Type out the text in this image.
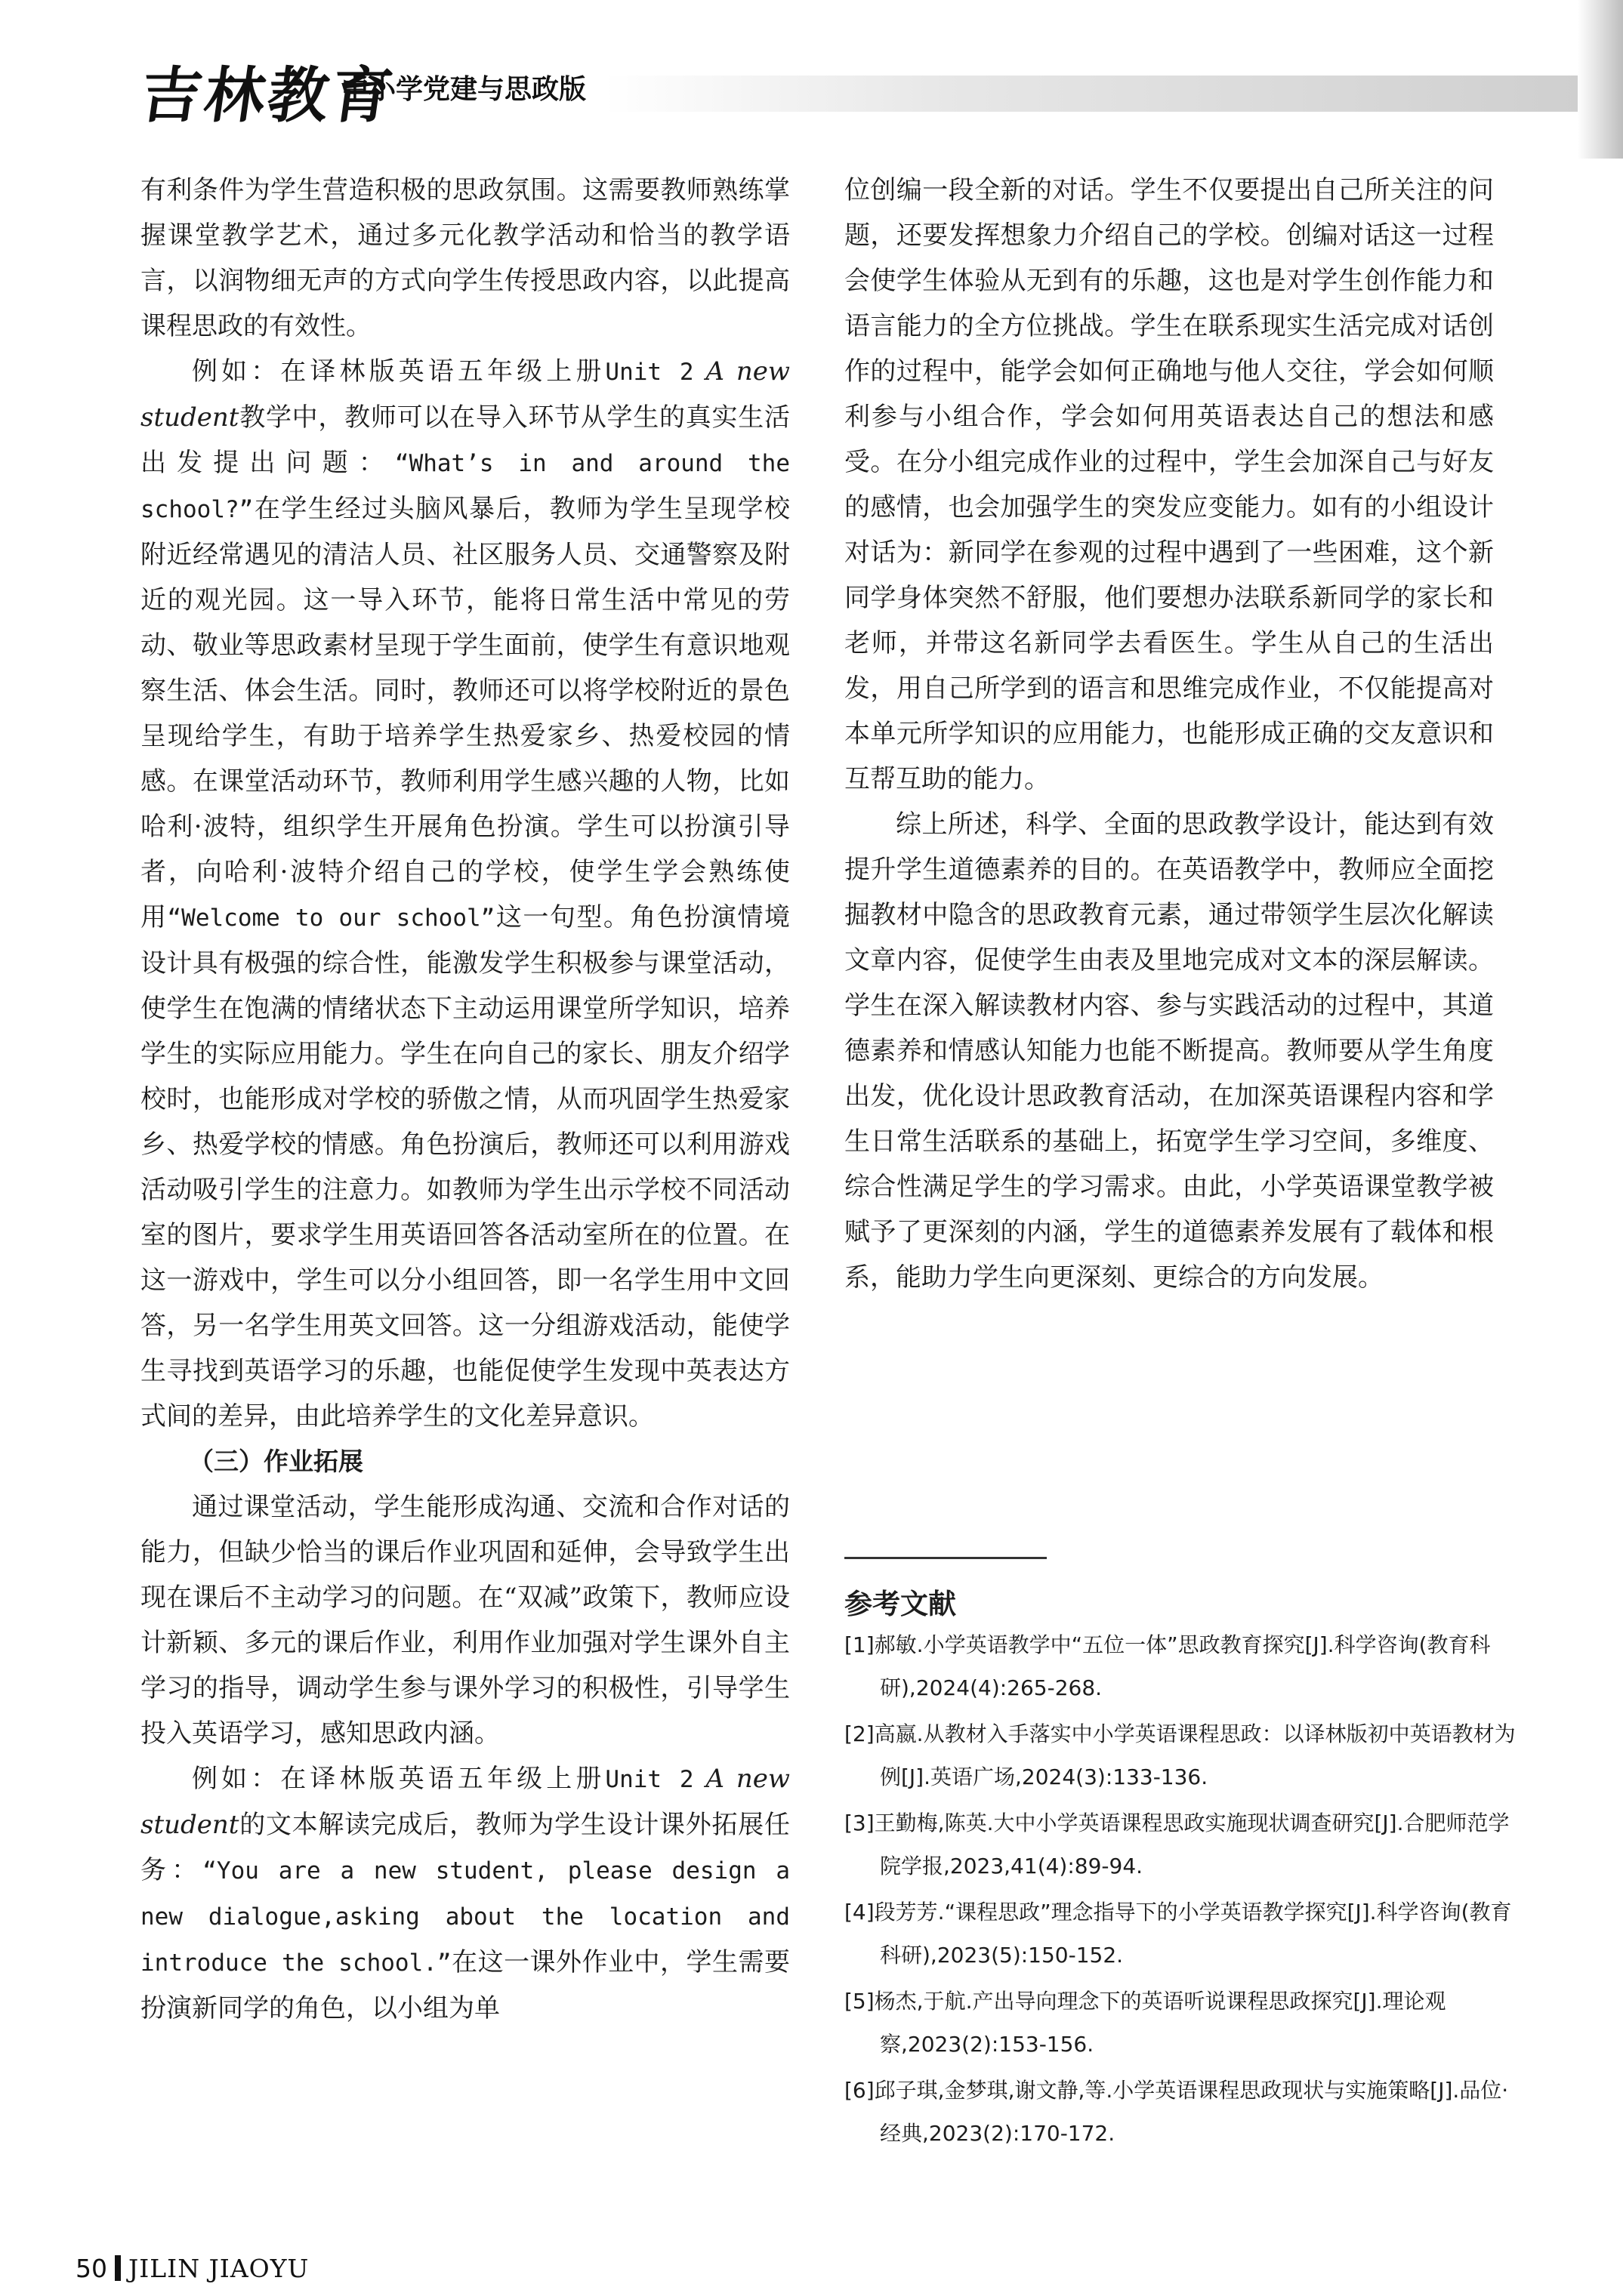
吉林教育
中小学党建与思政版

有利条件为学生营造积极的思政氛围。这需要教师熟练掌握课堂教学艺术，通过多元化教学活动和恰当的教学语言，以润物细无声的方式向学生传授思政内容，以此提高课程思政的有效性。

例如：在译林版英语五年级上册Unit 2 A new student教学中，教师可以在导入环节从学生的真实生活出发提出问题：“What’s in and around the school?”在学生经过头脑风暴后，教师为学生呈现学校附近经常遇见的清洁人员、社区服务人员、交通警察及附近的观光园。这一导入环节，能将日常生活中常见的劳动、敬业等思政素材呈现于学生面前，使学生有意识地观察生活、体会生活。同时，教师还可以将学校附近的景色呈现给学生，有助于培养学生热爱家乡、热爱校园的情感。在课堂活动环节，教师利用学生感兴趣的人物，比如哈利·波特，组织学生开展角色扮演。学生可以扮演引导者，向哈利·波特介绍自己的学校，使学生学会熟练使用“Welcome to our school”这一句型。角色扮演情境设计具有极强的综合性，能激发学生积极参与课堂活动，使学生在饱满的情绪状态下主动运用课堂所学知识，培养学生的实际应用能力。学生在向自己的家长、朋友介绍学校时，也能形成对学校的骄傲之情，从而巩固学生热爱家乡、热爱学校的情感。角色扮演后，教师还可以利用游戏活动吸引学生的注意力。如教师为学生出示学校不同活动室的图片，要求学生用英语回答各活动室所在的位置。在这一游戏中，学生可以分小组回答，即一名学生用中文回答，另一名学生用英文回答。这一分组游戏活动，能使学生寻找到英语学习的乐趣，也能促使学生发现中英表达方式间的差异，由此培养学生的文化差异意识。

（三）作业拓展

通过课堂活动，学生能形成沟通、交流和合作对话的能力，但缺少恰当的课后作业巩固和延伸，会导致学生出现在课后不主动学习的问题。在“双减”政策下，教师应设计新颖、多元的课后作业，利用作业加强对学生课外自主学习的指导，调动学生参与课外学习的积极性，引导学生投入英语学习，感知思政内涵。

例如：在译林版英语五年级上册Unit 2 A new student的文本解读完成后，教师为学生设计课外拓展任务：“You are a new student, please design a new dialogue,asking about the location and introduce the school.”在这一课外作业中，学生需要扮演新同学的角色，以小组为单

位创编一段全新的对话。学生不仅要提出自己所关注的问题，还要发挥想象力介绍自己的学校。创编对话这一过程会使学生体验从无到有的乐趣，这也是对学生创作能力和语言能力的全方位挑战。学生在联系现实生活完成对话创作的过程中，能学会如何正确地与他人交往，学会如何顺利参与小组合作，学会如何用英语表达自己的想法和感受。在分小组完成作业的过程中，学生会加深自己与好友的感情，也会加强学生的突发应变能力。如有的小组设计对话为：新同学在参观的过程中遇到了一些困难，这个新同学身体突然不舒服，他们要想办法联系新同学的家长和老师，并带这名新同学去看医生。学生从自己的生活出发，用自己所学到的语言和思维完成作业，不仅能提高对本单元所学知识的应用能力，也能形成正确的交友意识和互帮互助的能力。

综上所述，科学、全面的思政教学设计，能达到有效提升学生道德素养的目的。在英语教学中，教师应全面挖掘教材中隐含的思政教育元素，通过带领学生层次化解读文章内容，促使学生由表及里地完成对文本的深层解读。学生在深入解读教材内容、参与实践活动的过程中，其道德素养和情感认知能力也能不断提高。教师要从学生角度出发，优化设计思政教育活动，在加深英语课程内容和学生日常生活联系的基础上，拓宽学生学习空间，多维度、综合性满足学生的学习需求。由此，小学英语课堂教学被赋予了更深刻的内涵，学生的道德素养发展有了载体和根系，能助力学生向更深刻、更综合的方向发展。

参考文献

[1]郝敏.小学英语教学中“五位一体”思政教育探究[J].科学咨询(教育科研),2024(4):265-268.

[2]高嬴.从教材入手落实中小学英语课程思政：以译林版初中英语教材为例[J].英语广场,2024(3):133-136.

[3]王勤梅,陈英.大中小学英语课程思政实施现状调查研究[J].合肥师范学院学报,2023,41(4):89-94.

[4]段芳芳.“课程思政”理念指导下的小学英语教学探究[J].科学咨询(教育科研),2023(5):150-152.

[5]杨杰,于航.产出导向理念下的英语听说课程思政探究[J].理论观察,2023(2):153-156.

[6]邱子琪,金梦琪,谢文静,等.小学英语课程思政现状与实施策略[J].品位·经典,2023(2):170-172.

50 JILIN JIAOYU
